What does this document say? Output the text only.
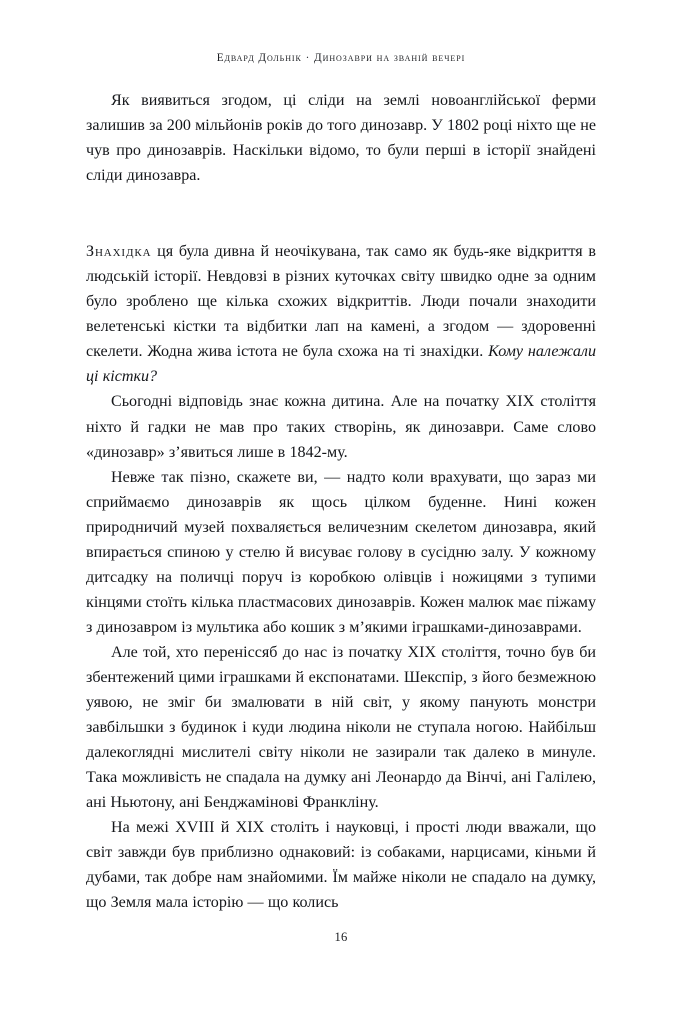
Едвард Дольнік · Динозаври на званій вечері

Як виявиться згодом, ці сліди на землі новоанглійської ферми залишив за 200 мільйонів років до того динозавр. У 1802 році ніхто ще не чув про динозаврів. Наскільки відомо, то були перші в історії знайдені сліди динозавра.

Знахідка ця була дивна й неочікувана, так само як будь-яке відкриття в людській історії. Невдовзі в різних куточках світу швидко одне за одним було зроблено ще кілька схожих відкриттів. Люди почали знаходити велетенські кістки та відбитки лап на камені, а згодом — здоровенні скелети. Жодна жива істота не була схожа на ті знахідки. Кому належали ці кістки?

Сьогодні відповідь знає кожна дитина. Але на початку XIX століття ніхто й гадки не мав про таких створінь, як динозаври. Саме слово «динозавр» з’явиться лише в 1842-му.

Невже так пізно, скажете ви, — надто коли врахувати, що зараз ми сприймаємо динозаврів як щось цілком буденне. Нині кожен природничий музей похваляється величезним скелетом динозавра, який впирається спиною у стелю й висуває голову в сусідню залу. У кожному дитсадку на поличці поруч із коробкою олівців і ножицями з тупими кінцями стоїть кілька пластмасових динозаврів. Кожен малюк має піжаму з динозавром із мультика або кошик з м’якими іграшками-динозаврами.

Але той, хто переніссяб до нас із початку XIX століття, точно був би збентежений цими іграшками й експонатами. Шекспір, з його безмежною уявою, не зміг би змалювати в ній світ, у якому панують монстри завбільшки з будинок і куди людина ніколи не ступала ногою. Найбільш далекоглядні мислителі світу ніколи не зазирали так далеко в минуле. Така можливість не спадала на думку ані Леонардо да Вінчі, ані Галілею, ані Ньютону, ані Бенджамінові Франкліну.

На межі XVIII й XIX століть і науковці, і прості люди вважали, що світ завжди був приблизно однаковий: із собаками, нарцисами, кіньми й дубами, так добре нам знайомими. Їм майже ніколи не спадало на думку, що Земля мала історію — що колись

16
